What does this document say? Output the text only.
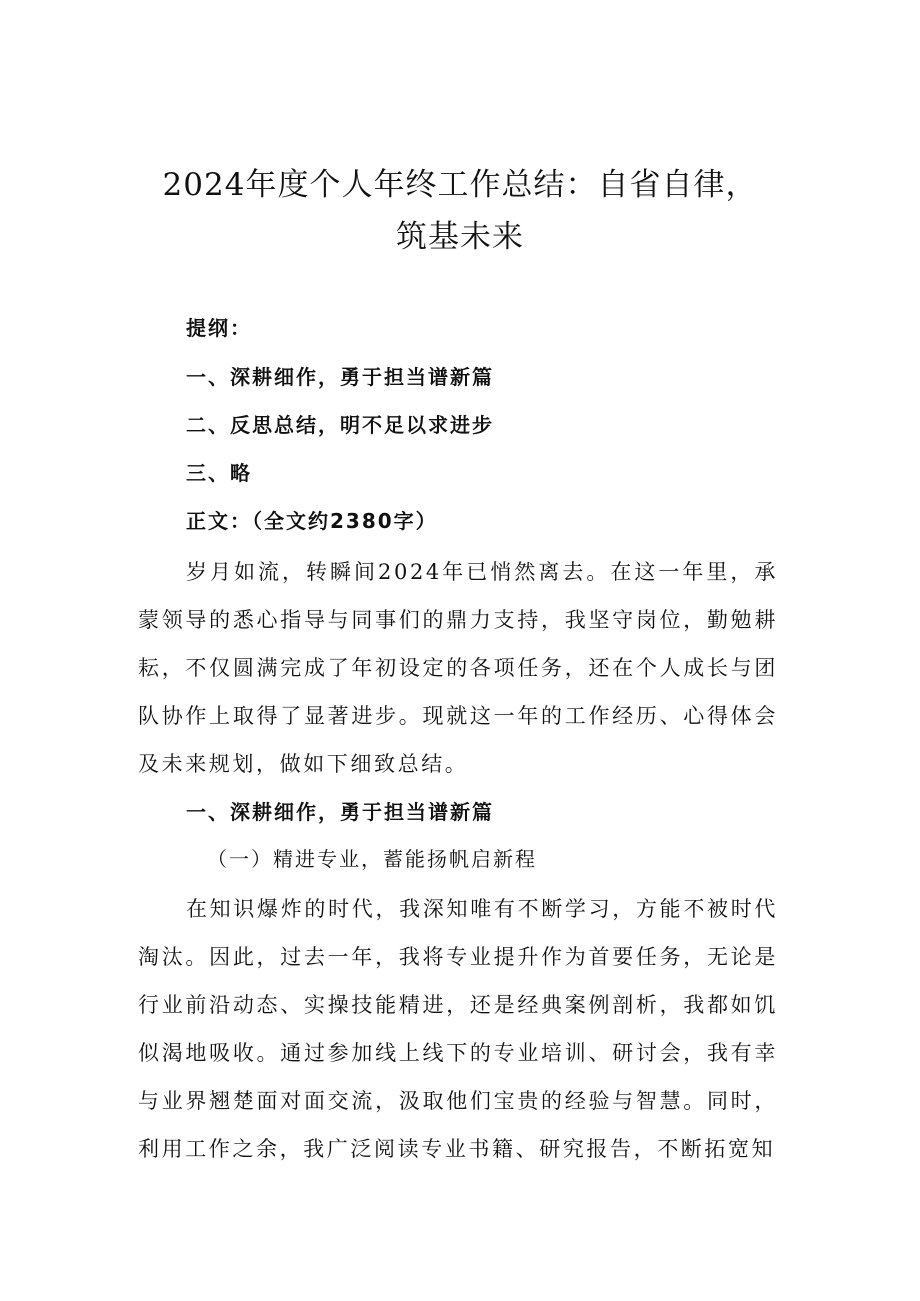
2024年度个人年终工作总结：自省自律，
筑基未来

提纲：

一、深耕细作，勇于担当谱新篇

二、反思总结，明不足以求进步

三、略

正文：（全文约2380字）

岁月如流，转瞬间2024年已悄然离去。在这一年里，承蒙领导的悉心指导与同事们的鼎力支持，我坚守岗位，勤勉耕耘，不仅圆满完成了年初设定的各项任务，还在个人成长与团队协作上取得了显著进步。现就这一年的工作经历、心得体会及未来规划，做如下细致总结。

一、深耕细作，勇于担当谱新篇

（一）精进专业，蓄能扬帆启新程

在知识爆炸的时代，我深知唯有不断学习，方能不被时代淘汰。因此，过去一年，我将专业提升作为首要任务，无论是行业前沿动态、实操技能精进，还是经典案例剖析，我都如饥似渴地吸收。通过参加线上线下的专业培训、研讨会，我有幸与业界翘楚面对面交流，汲取他们宝贵的经验与智慧。同时，利用工作之余，我广泛阅读专业书籍、研究报告，不断拓宽知
